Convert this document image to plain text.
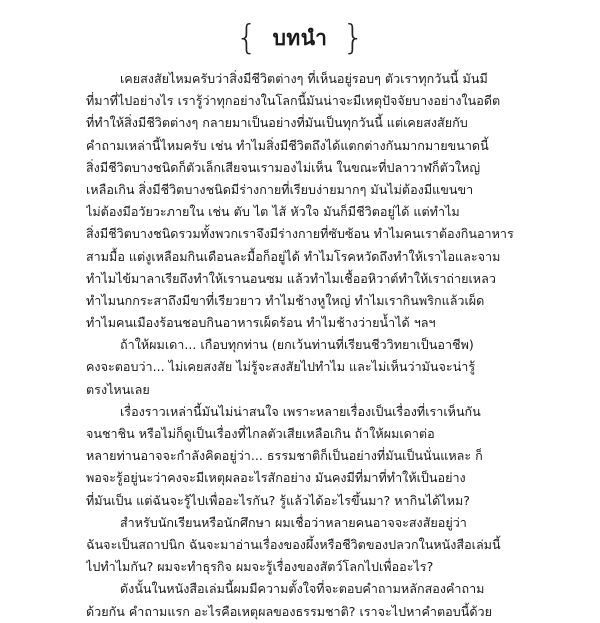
{ บทนำ }
เคยสงสัยไหมครับว่าสิ่งมีชีวิตต่างๆ ที่เห็นอยู่รอบๆ ตัวเราทุกวันนี้ มันมี
ที่มาที่ไปอย่างไร เรารู้ว่าทุกอย่างในโลกนี้มันน่าจะมีเหตุปัจจัยบางอย่างในอดีต
ที่ทำให้สิ่งมีชีวิตต่างๆ กลายมาเป็นอย่างที่มันเป็นทุกวันนี้ แต่เคยสงสัยกับ
คำถามเหล่านี้ไหมครับ เช่น ทำไมสิ่งมีชีวิตถึงได้แตกต่างกันมากมายขนาดนี้
สิ่งมีชีวิตบางชนิดก็ตัวเล็กเสียจนเรามองไม่เห็น ในขณะที่ปลาวาฬก็ตัวใหญ่
เหลือเกิน สิ่งมีชีวิตบางชนิดมีร่างกายที่เรียบง่ายมากๆ มันไม่ต้องมีแขนขา
ไม่ต้องมีอวัยวะภายใน เช่น ตับ ไต ไส้ หัวใจ มันก็มีชีวิตอยู่ได้ แต่ทำไม
สิ่งมีชีวิตบางชนิดรวมทั้งพวกเราจึงมีร่างกายที่ซับซ้อน ทำไมคนเราต้องกินอาหาร
สามมื้อ แต่งูเหลือมกินเดือนละมื้อก็อยู่ได้ ทำไมโรคหวัดถึงทำให้เราไอและจาม
ทำไมไข้มาลาเรียถึงทำให้เรานอนซม แล้วทำไมเชื้ออหิวาต์ทำให้เราถ่ายเหลว
ทำไมนกกระสาถึงมีขาที่เรียวยาว ทำไมช้างหูใหญ่ ทำไมเรากินพริกแล้วเผ็ด
ทำไมคนเมืองร้อนชอบกินอาหารเผ็ดร้อน ทำไมช้างว่ายน้ำได้ ฯลฯ
ถ้าให้ผมเดา... เกือบทุกท่าน (ยกเว้นท่านที่เรียนชีววิทยาเป็นอาชีพ)
คงจะตอบว่า... ไม่เคยสงสัย ไม่รู้จะสงสัยไปทำไม และไม่เห็นว่ามันจะน่ารู้
ตรงไหนเลย
เรื่องราวเหล่านี้มันไม่น่าสนใจ เพราะหลายเรื่องเป็นเรื่องที่เราเห็นกัน
จนชาชิน หรือไม่ก็ดูเป็นเรื่องที่ไกลตัวเสียเหลือเกิน ถ้าให้ผมเดาต่อ
หลายท่านอาจจะกำลังคิดอยู่ว่า... ธรรมชาติก็เป็นอย่างที่มันเป็นนั่นแหละ ก็
พอจะรู้อยู่นะว่าคงจะมีเหตุผลอะไรสักอย่าง มันคงมีที่มาที่ทำให้เป็นอย่าง
ที่มันเป็น แต่ฉันจะรู้ไปเพื่ออะไรกัน? รู้แล้วได้อะไรขึ้นมา? หากินได้ไหม?
สำหรับนักเรียนหรือนักศึกษา ผมเชื่อว่าหลายคนอาจจะสงสัยอยู่ว่า
ฉันจะเป็นสถาปนิก ฉันจะมาอ่านเรื่องของผึ้งหรือชีวิตของปลวกในหนังสือเล่มนี้
ไปทำไมกัน? ผมจะทำธุรกิจ ผมจะรู้เรื่องของสัตว์โลกไปเพื่ออะไร?
ดังนั้นในหนังสือเล่มนี้ผมมีความตั้งใจที่จะตอบคำถามหลักสองคำถาม
ด้วยกัน คำถามแรก อะไรคือเหตุผลของธรรมชาติ? เราจะไปหาคำตอบนี้ด้วย
